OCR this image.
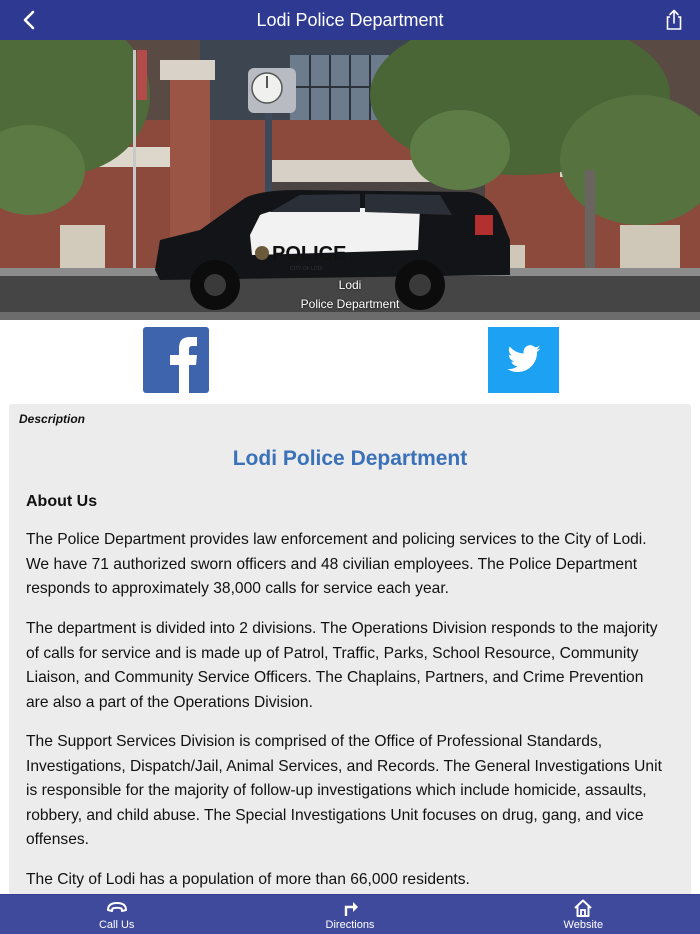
Lodi Police Department
POLICE
CITY OF LODI
Lodi
Police Department
Description
Lodi Police Department
About Us

The Police Department provides law enforcement and policing services to the City of Lodi. We have 71 authorized sworn officers and 48 civilian employees. The Police Department responds to approximately 38,000 calls for service each year.

The department is divided into 2 divisions. The Operations Division responds to the majority of calls for service and is made up of Patrol, Traffic, Parks, School Resource, Community Liaison, and Community Service Officers. The Chaplains, Partners, and Crime Prevention are also a part of the Operations Division.

The Support Services Division is comprised of the Office of Professional Standards, Investigations, Dispatch/Jail, Animal Services, and Records. The General Investigations Unit is responsible for the majority of follow-up investigations which include homicide, assaults, robbery, and child abuse. The Special Investigations Unit focuses on drug, gang, and vice offenses.

The City of Lodi has a population of more than 66,000 residents.

Call Us	Directions	Website
